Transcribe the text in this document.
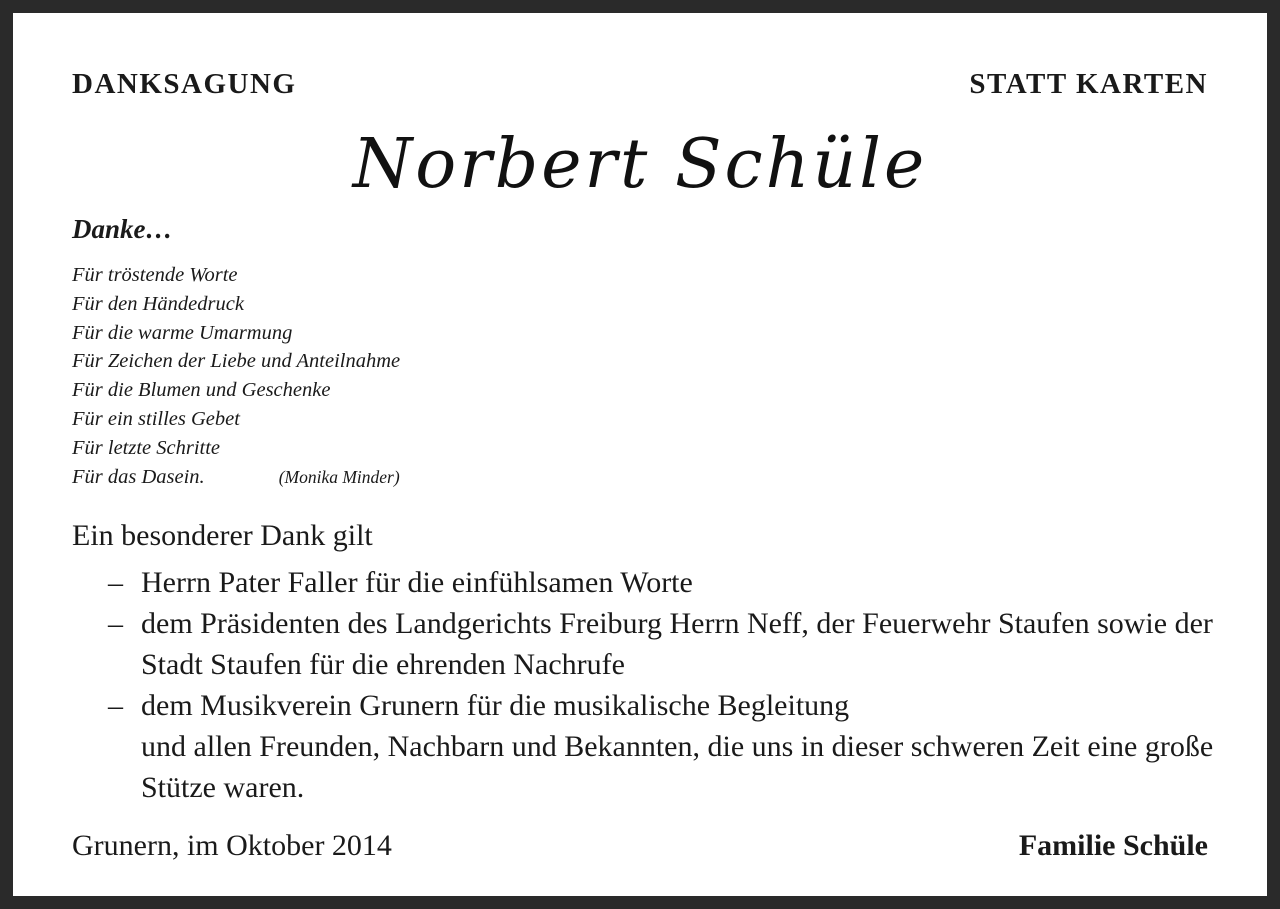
DANKSAGUNG	STATT KARTEN
Norbert Schüle
Danke…
Für tröstende Worte
Für den Händedruck
Für die warme Umarmung
Für Zeichen der Liebe und Anteilnahme
Für die Blumen und Geschenke
Für ein stilles Gebet
Für letzte Schritte
Für das Dasein.	(Monika Minder)
Ein besonderer Dank gilt
– Herrn Pater Faller für die einfühlsamen Worte
– dem Präsidenten des Landgerichts Freiburg Herrn Neff, der Feuerwehr Staufen sowie der Stadt Staufen für die ehrenden Nachrufe
– dem Musikverein Grunern für die musikalische Begleitung
und allen Freunden, Nachbarn und Bekannten, die uns in dieser schweren Zeit eine große Stütze waren.
Grunern, im Oktober 2014	Familie Schüle
